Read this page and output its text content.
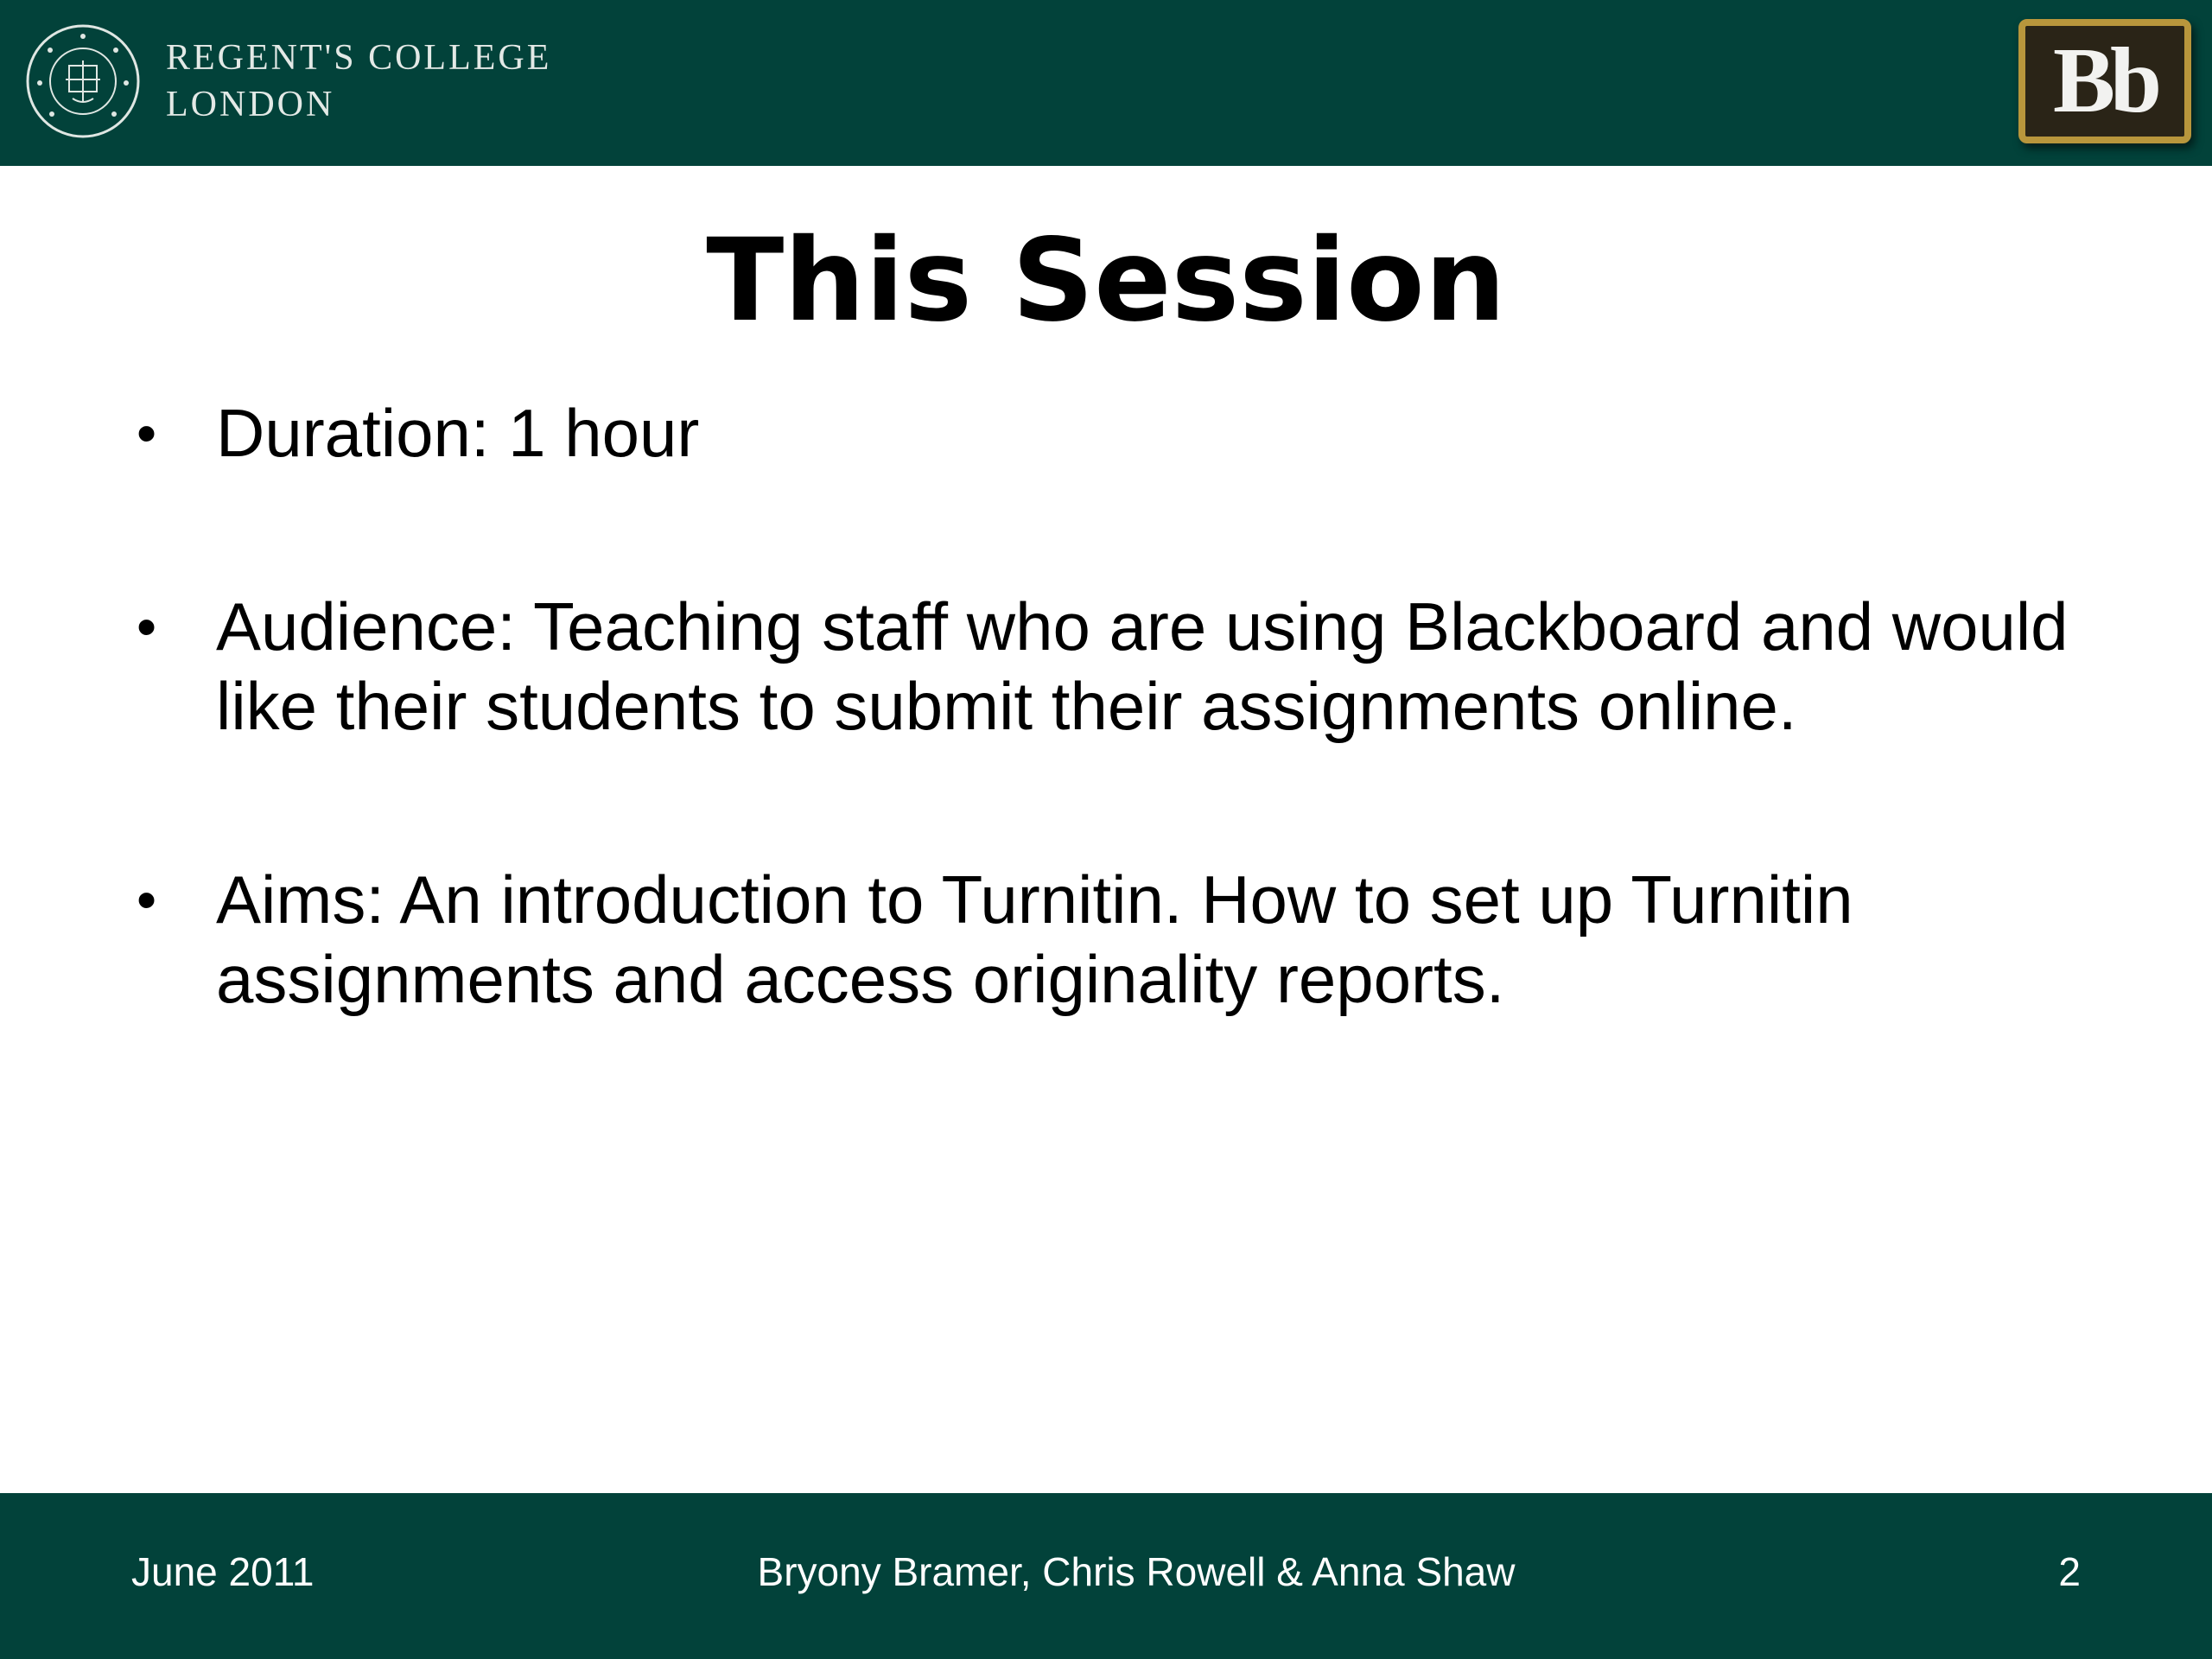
REGENT'S COLLEGE
LONDON	Bb
This Session
• Duration: 1 hour
• Audience: Teaching staff who are using Blackboard and would like their students to submit their assignments online.
• Aims: An introduction to Turnitin. How to set up Turnitin assignments and access originality reports.
June 2011	Bryony Bramer, Chris Rowell & Anna Shaw	2
